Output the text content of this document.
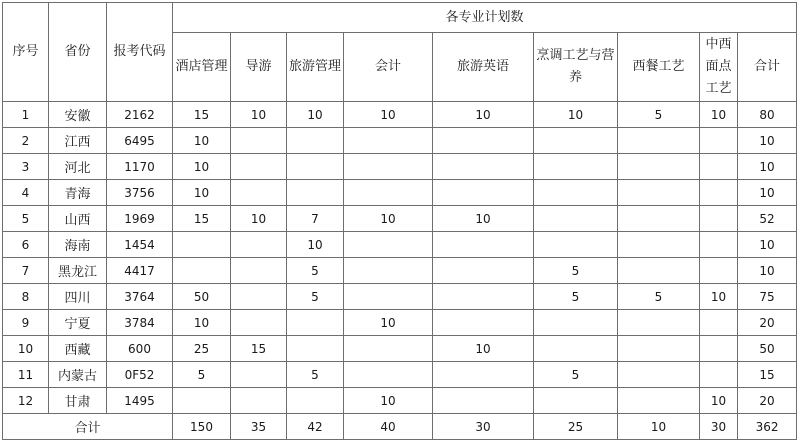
序号	省份	报考代码	各专业计划数								
			酒店管理	导游	旅游管理	会计	旅游英语	烹调工艺与营养	西餐工艺	中西面点工艺	合计
1	安徽	2162	15	10	10	10	10	10	5	10	80
2	江西	6495	10								10
3	河北	1170	10								10
4	青海	3756	10								10
5	山西	1969	15	10	7	10	10				52
6	海南	1454			10						10
7	黑龙江	4417			5			5			10
8	四川	3764	50		5			5	5	10	75
9	宁夏	3784	10			10					20
10	西藏	600	25	15			10				50
11	内蒙古	0F52	5		5			5			15
12	甘肃	1495				10				10	20
合计			150	35	42	40	30	25	10	30	362
